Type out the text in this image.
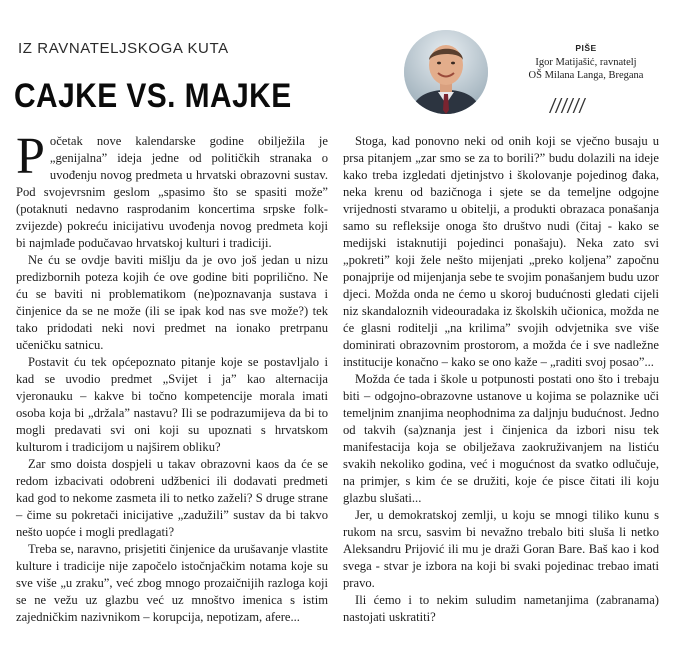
IZ RAVNATELJSKOGA KUTA
CAJKE VS. MAJKE
PIŠE
Igor Matijašić, ravnatelj
OŠ Milana Langa, Bregana
//////

Početak nove kalendarske godine obilježila je „genijalna” ideja jedne od političkih stranaka o uvođenju novog predmeta u hrvatski obrazovni sustav. Pod svojevrsnim geslom „spasimo što se spasiti može” (potaknuti nedavno rasprodanim koncertima srpske folk-zvijezde) pokreću inicijativu uvođenja novog predmeta koji bi najmlađe podučavao hrvatskoj kulturi i tradiciji.

Ne ću se ovdje baviti mišlju da je ovo još jedan u nizu predizbornih poteza kojih će ove godine biti poprilično. Ne ću se baviti ni problematikom (ne)poznavanja sustava i činjenice da se ne može (ili se ipak kod nas sve može?) tek tako pridodati neki novi predmet na ionako pretrpanu učeničku satnicu.

Postavit ću tek općepoznato pitanje koje se postavljalo i kad se uvodio predmet „Svijet i ja” kao alternacija vjeronauku – kakve bi točno kompetencije morala imati osoba koja bi „držala” nastavu? Ili se podrazumijeva da bi to mogli predavati svi oni koji su upoznati s hrvatskom kulturom i tradicijom u najširem obliku?

Zar smo doista dospjeli u takav obrazovni kaos da će se redom izbacivati odobreni udžbenici ili dodavati predmeti kad god to nekome zasmeta ili to netko zaželi? S druge strane – čime su pokretači inicijative „zadužili” sustav da bi takvo nešto uopće i mogli predlagati?

Treba se, naravno, prisjetiti činjenice da urušavanje vlastite kulture i tradicije nije započelo istočnjačkim notama koje su sve više „u zraku”, već zbog mnogo prozaičnijih razloga koji se ne vežu uz glazbu već uz mnoštvo imenica s istim zajedničkim nazivnikom – korupcija, nepotizam, afere...

Stoga, kad ponovno neki od onih koji se vječno busaju u prsa pitanjem „zar smo se za to borili?” budu dolazili na ideje kako treba izgledati djetinjstvo i školovanje pojedinog đaka, neka krenu od bazičnoga i sjete se da temeljne odgojne vrijednosti stvaramo u obitelji, a produkti obrazaca ponašanja samo su refleksije onoga što društvo nudi (čitaj - kako se medijski istaknutiji pojedinci ponašaju). Neka zato svi „pokreti” koji žele nešto mijenjati „preko koljena” započnu ponajprije od mijenjanja sebe te svojim ponašanjem budu uzor djeci. Možda onda ne ćemo u skoroj budućnosti gledati cijeli niz skandaloznih videouradaka iz školskih učionica, možda ne će glasni roditelji „na krilima” svojih odvjetnika sve više dominirati obrazovnim prostorom, a možda će i sve nadležne institucije konačno – kako se ono kaže – „raditi svoj posao”...

Možda će tada i škole u potpunosti postati ono što i trebaju biti – odgojno-obrazovne ustanove u kojima se polaznike uči temeljnim znanjima neophodnima za daljnju budućnost. Jedno od takvih (sa)znanja jest i činjenica da izbori nisu tek manifestacija koja se obilježava zaokruživanjem na listiću svakih nekoliko godina, već i mogućnost da svatko odlučuje, na primjer, s kim će se družiti, koje će pisce čitati ili koju glazbu slušati...

Jer, u demokratskoj zemlji, u koju se mnogi tiliko kunu s rukom na srcu, sasvim bi nevažno trebalo biti sluša li netko Aleksandru Prijović ili mu je draži Goran Bare. Baš kao i kod svega - stvar je izbora na koji bi svaki pojedinac trebao imati pravo.

Ili ćemo i to nekim suludim nametanjima (zabranama) nastojati uskratiti?
